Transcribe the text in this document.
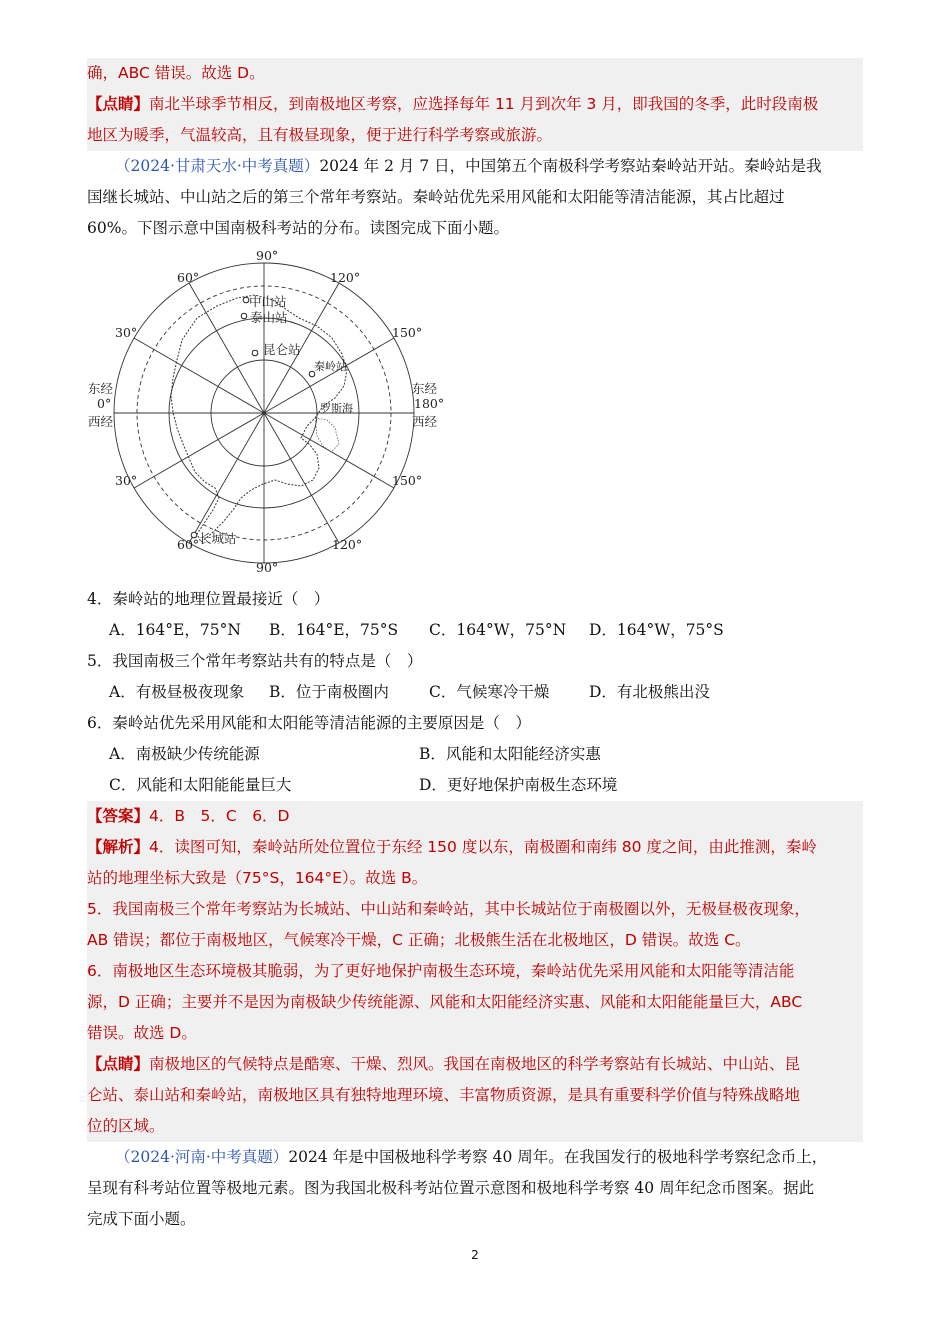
确，ABC 错误。故选 D。
【点睛】南北半球季节相反，到南极地区考察，应选择每年 11 月到次年 3 月，即我国的冬季，此时段南极
地区为暖季，气温较高，且有极昼现象，便于进行科学考察或旅游。
（2024·甘肃天水·中考真题）2024 年 2 月 7 日，中国第五个南极科学考察站秦岭站开站。秦岭站是我
国继长城站、中山站之后的第三个常年考察站。秦岭站优先采用风能和太阳能等清洁能源，其占比超过
60%。下图示意中国南极科考站的分布。读图完成下面小题。
90°
60°	120°
30°	150°
东经
0°
西经
东经
180°
西经
30°	150°
60°	120°
90°
中山站
泰山站
昆仑站
秦岭站
罗斯海
长城站
4．秦岭站的地理位置最接近（　）
A．164°E，75°N	B．164°E，75°S	C．164°W，75°N	D．164°W，75°S
5．我国南极三个常年考察站共有的特点是（　）
A．有极昼极夜现象	B．位于南极圈内	C．气候寒冷干燥	D．有北极熊出没
6．秦岭站优先采用风能和太阳能等清洁能源的主要原因是（　）
A．南极缺少传统能源	B．风能和太阳能经济实惠
C．风能和太阳能能量巨大	D．更好地保护南极生态环境
【答案】4．B　5．C　6．D
【解析】4．读图可知，秦岭站所处位置位于东经 150 度以东，南极圈和南纬 80 度之间，由此推测，秦岭
站的地理坐标大致是（75°S，164°E）。故选 B。
5．我国南极三个常年考察站为长城站、中山站和秦岭站，其中长城站位于南极圈以外，无极昼极夜现象，
AB 错误；都位于南极地区，气候寒冷干燥，C 正确；北极熊生活在北极地区，D 错误。故选 C。
6．南极地区生态环境极其脆弱，为了更好地保护南极生态环境，秦岭站优先采用风能和太阳能等清洁能
源，D 正确；主要并不是因为南极缺少传统能源、风能和太阳能经济实惠、风能和太阳能能量巨大，ABC
错误。故选 D。
【点睛】南极地区的气候特点是酷寒、干燥、烈风。我国在南极地区的科学考察站有长城站、中山站、昆
仑站、泰山站和秦岭站，南极地区具有独特地理环境、丰富物质资源，是具有重要科学价值与特殊战略地
位的区域。
（2024·河南·中考真题）2024 年是中国极地科学考察 40 周年。在我国发行的极地科学考察纪念币上，
呈现有科考站位置等极地元素。图为我国北极科考站位置示意图和极地科学考察 40 周年纪念币图案。据此
完成下面小题。
2
